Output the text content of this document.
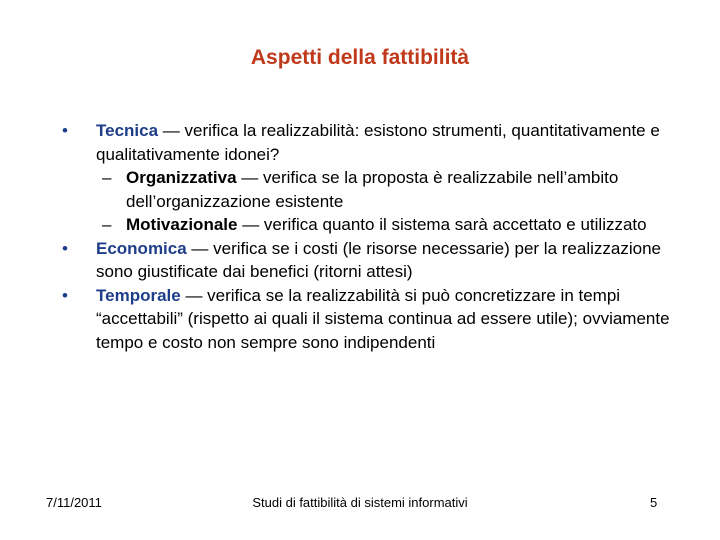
Aspetti della fattibilità
• Tecnica — verifica la realizzabilità: esistono strumenti, quantitativamente e qualitativamente idonei?
– Organizzativa — verifica se la proposta è realizzabile nell’ambito dell’organizzazione esistente
– Motivazionale — verifica quanto il sistema sarà accettato e utilizzato
• Economica — verifica se i costi (le risorse necessarie) per la realizzazione sono giustificate dai benefici (ritorni attesi)
• Temporale — verifica se la realizzabilità si può concretizzare in tempi “accettabili” (rispetto ai quali il sistema continua ad essere utile); ovviamente tempo e costo non sempre sono indipendenti
7/11/2011	Studi di fattibilità di sistemi informativi	5
